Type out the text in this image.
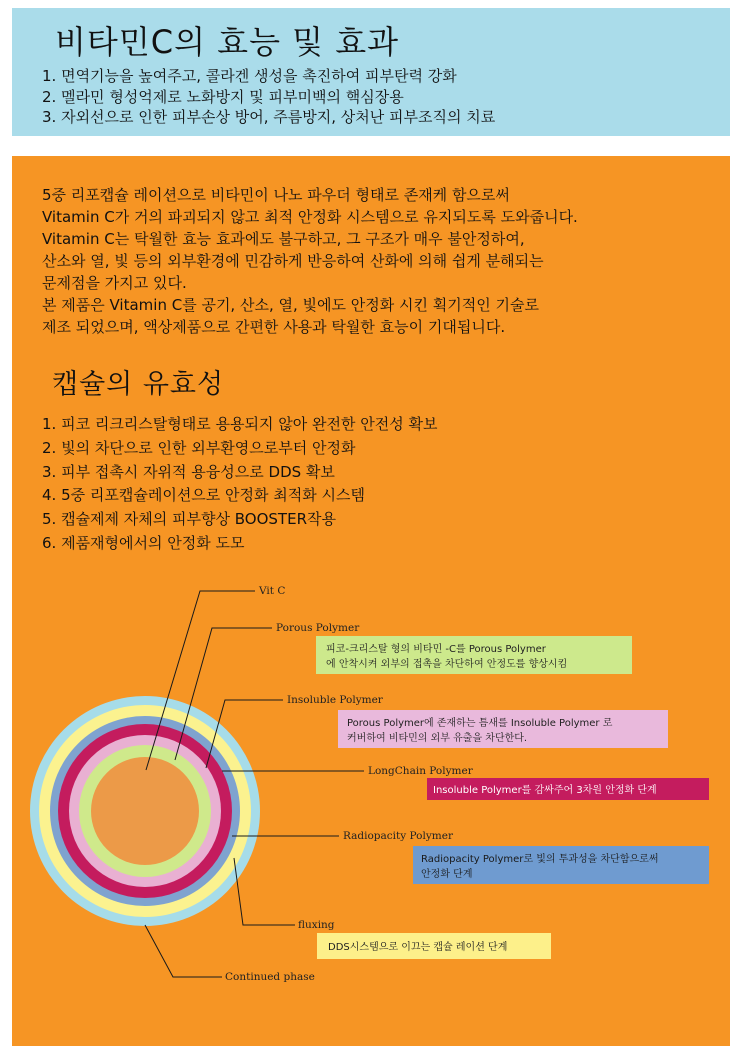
비타민C의 효능 및 효과
1. 면역기능을 높여주고, 콜라겐 생성을 촉진하여 피부탄력 강화
2. 멜라민 형성억제로 노화방지 및 피부미백의 핵심장용
3. 자외선으로 인한 피부손상 방어, 주름방지, 상처난 피부조직의 치료

5중 리포캡슐 레이션으로 비타민이 나노 파우더 형태로 존재케 함으로써

Vitamin C가 거의 파괴되지 않고 최적 안정화 시스템으로 유지되도록 도와줍니다.

Vitamin C는 탁월한 효능 효과에도 불구하고, 그 구조가 매우 불안정하여,

산소와 열, 빛 등의 외부환경에 민감하게 반응하여 산화에 의해 쉽게 분해되는

문제점을 가지고 있다.

본 제품은 Vitamin C를 공기, 산소, 열, 빛에도 안정화 시킨 획기적인 기술로

제조 되었으며, 액상제품으로 간편한 사용과 탁월한 효능이 기대됩니다.

캡슐의 유효성
1. 피코 리크리스탈형태로 용용되지 않아 완전한 안전성 확보
2. 빛의 차단으로 인한 외부환영으로부터 안정화
3. 피부 접촉시 자위적 용융성으로 DDS 확보
4. 5중 리포캡슐레이션으로 안정화 최적화 시스템
5. 캡슐제제 자체의 피부향상 BOOSTER작용
6. 제품재형에서의 안정화 도모
Vit C
Porous Polymer
Insoluble Polymer
LongChain Polymer
Radiopacity Polymer
fluxing
Continued phase
피코-크리스탈 형의 비타민 -C를 Porous Polymer
에 안착시켜 외부의 접촉을 차단하여 안정도를 향상시킴
Porous Polymer에 존재하는 틈새를 Insoluble Polymer 로
커버하여 비타민의 외부 유출을 차단한다.
Insoluble Polymer를 감싸주어 3차원 안정화 단계
Radiopacity Polymer로 빛의 투과성을 차단함으로써
안정화 단계
DDS시스템으로 이끄는 캡슐 레이션 단계
